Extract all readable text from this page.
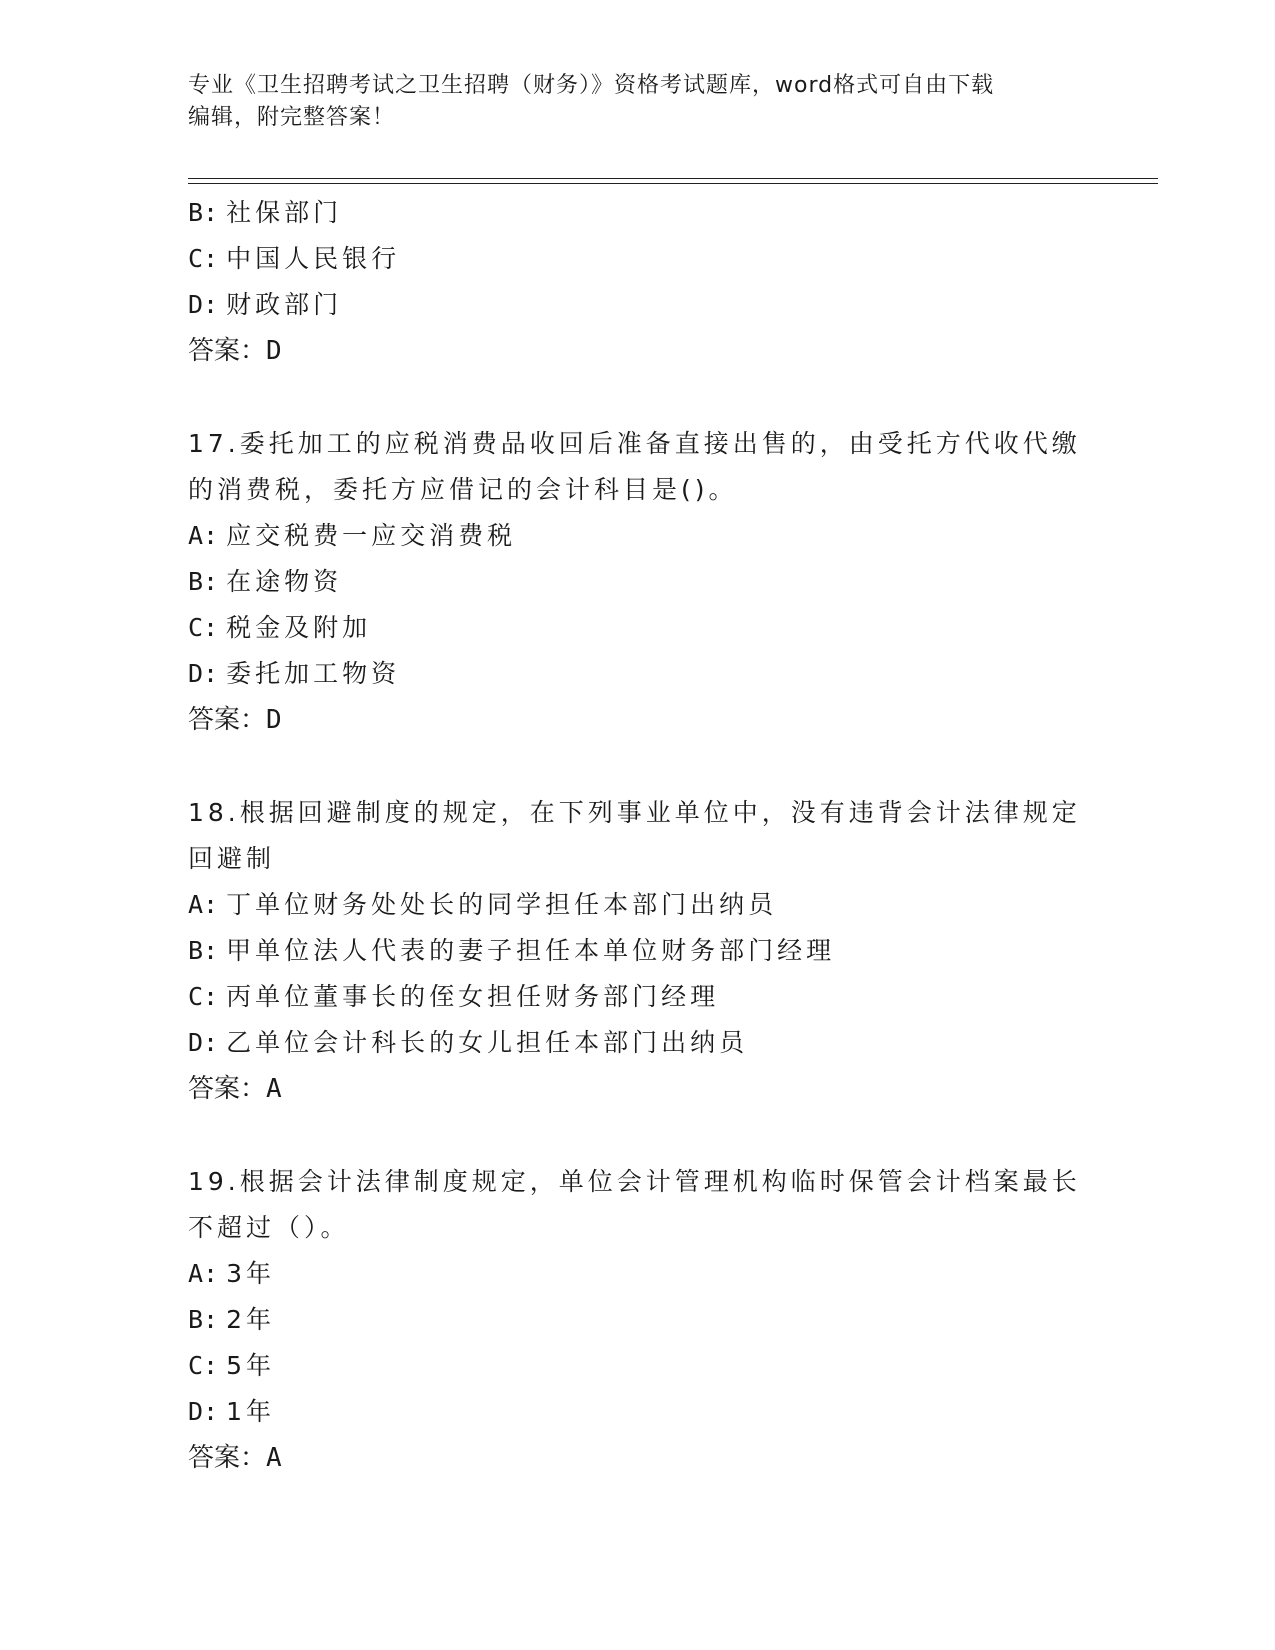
专业《卫生招聘考试之卫生招聘（财务）》资格考试题库，word格式可自由下载
编辑，附完整答案！
B: 社保部门
C: 中国人民银行
D: 财政部门
答案：D
17.委托加工的应税消费品收回后准备直接出售的，由受托方代收代缴
的消费税，委托方应借记的会计科目是()。
A: 应交税费一应交消费税
B: 在途物资
C: 税金及附加
D: 委托加工物资
答案：D
18.根据回避制度的规定，在下列事业单位中，没有违背会计法律规定
回避制
A: 丁单位财务处处长的同学担任本部门出纳员
B: 甲单位法人代表的妻子担任本单位财务部门经理
C: 丙单位董事长的侄女担任财务部门经理
D: 乙单位会计科长的女儿担任本部门出纳员
答案：A
19.根据会计法律制度规定，单位会计管理机构临时保管会计档案最长
不超过（）。
A: 3年
B: 2年
C: 5年
D: 1年
答案：A
